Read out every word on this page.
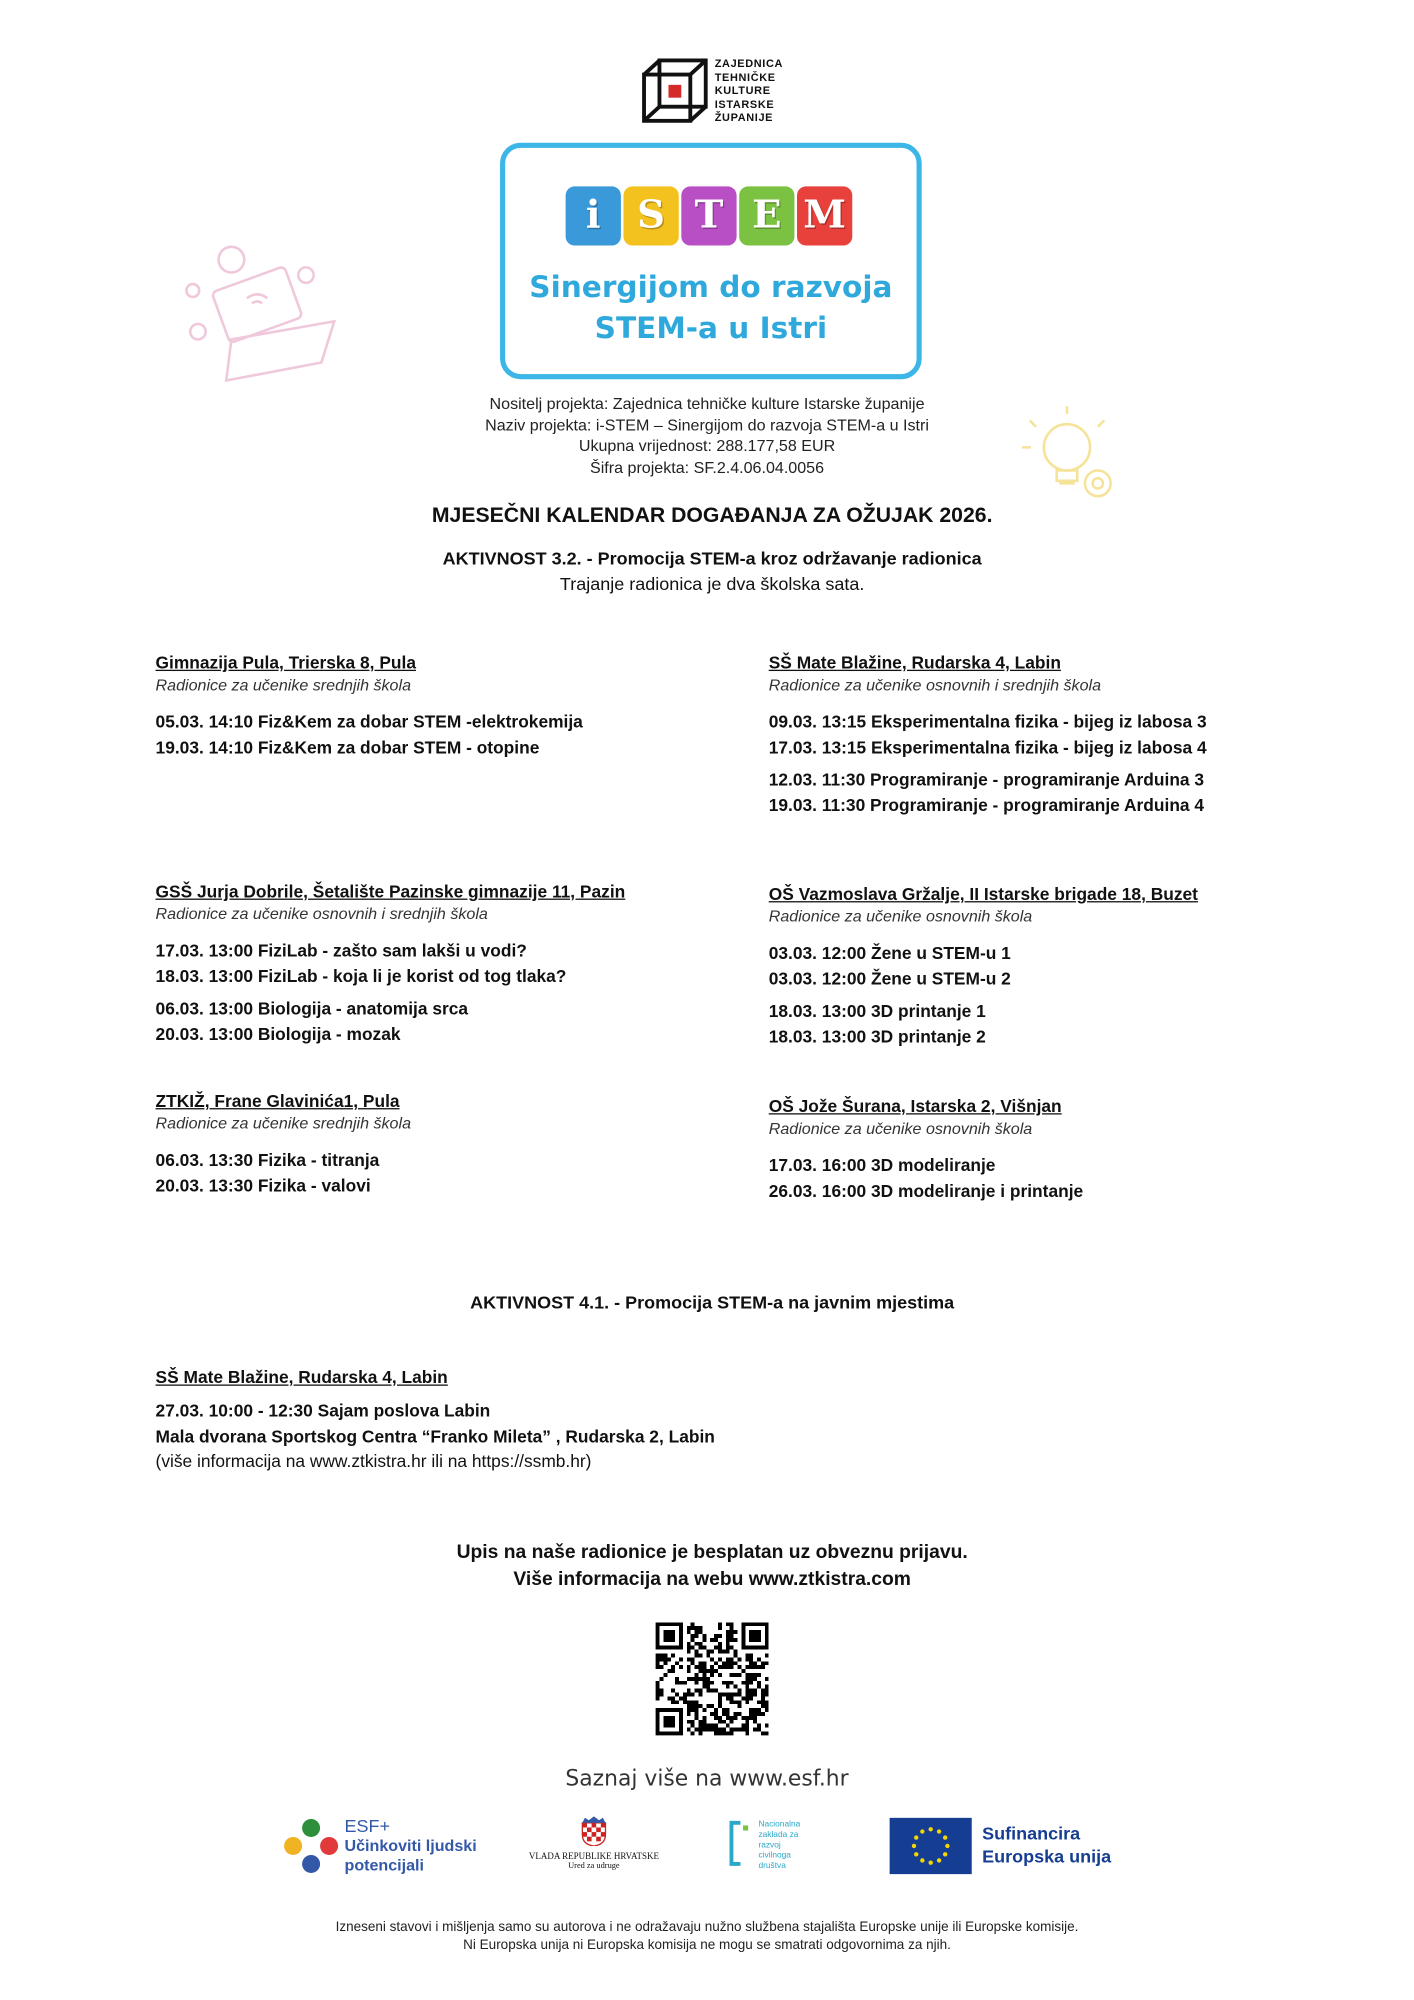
ZAJEDNICA
TEHNIČKE
KULTURE
ISTARSKE
ŽUPANIJE
i	S T E M
Sinergijom do razvoja
STEM-a u Istri
Nositelj projekta: Zajednica tehničke kulture Istarske županije
Naziv projekta: i-STEM – Sinergijom do razvoja STEM-a u Istri
Ukupna vrijednost: 288.177,58 EUR
Šifra projekta: SF.2.4.06.04.0056
MJESEČNI KALENDAR DOGAĐANJA ZA OŽUJAK 2026.
AKTIVNOST 3.2. - Promocija STEM-a kroz održavanje radionica
Trajanje radionica je dva školska sata.
Gimnazija Pula, Trierska 8, Pula
Radionice za učenike srednjih škola
05.03. 14:10 Fiz&Kem za dobar STEM -elektrokemija
19.03. 14:10 Fiz&Kem za dobar STEM - otopine
SŠ Mate Blažine, Rudarska 4, Labin
Radionice za učenike osnovnih i srednjih škola
09.03. 13:15 Eksperimentalna fizika - bijeg iz labosa 3
17.03. 13:15 Eksperimentalna fizika - bijeg iz labosa 4
12.03. 11:30 Programiranje - programiranje Arduina 3
19.03. 11:30 Programiranje - programiranje Arduina 4
GSŠ Jurja Dobrile, Šetalište Pazinske gimnazije 11, Pazin
Radionice za učenike osnovnih i srednjih škola
17.03. 13:00 FiziLab - zašto sam lakši u vodi?
18.03. 13:00 FiziLab - koja li je korist od tog tlaka?
06.03. 13:00 Biologija - anatomija srca
20.03. 13:00 Biologija - mozak
OŠ Vazmoslava Gržalje, II Istarske brigade 18, Buzet
Radionice za učenike osnovnih škola
03.03. 12:00 Žene u STEM-u 1
03.03. 12:00 Žene u STEM-u 2
18.03. 13:00 3D printanje 1
18.03. 13:00 3D printanje 2
ZTKIŽ, Frane Glavinića1, Pula
Radionice za učenike srednjih škola
06.03. 13:30 Fizika - titranja
20.03. 13:30 Fizika - valovi
OŠ Jože Šurana, Istarska 2, Višnjan
Radionice za učenike osnovnih škola
17.03. 16:00 3D modeliranje
26.03. 16:00 3D modeliranje i printanje
AKTIVNOST 4.1. - Promocija STEM-a na javnim mjestima
SŠ Mate Blažine, Rudarska 4, Labin
27.03. 10:00 - 12:30 Sajam poslova Labin
Mala dvorana Sportskog Centra “Franko Mileta” , Rudarska 2, Labin
(više informacija na www.ztkistra.hr ili na https://ssmb.hr)
Upis na naše radionice je besplatan uz obveznu prijavu.
Više informacija na webu www.ztkistra.com
Saznaj više na www.esf.hr
ESF+
Učinkoviti ljudski
potencijali	VLADA REPUBLIKE HRVATSKE
Ured za udruge
Nacionalna
zaklada za
razvoj
civilnoga
društva
Sufinancira
Europska unija
Izneseni stavovi i mišljenja samo su autorova i ne odražavaju nužno službena stajališta Europske unije ili Europske komisije.
Ni Europska unija ni Europska komisija ne mogu se smatrati odgovornima za njih.
